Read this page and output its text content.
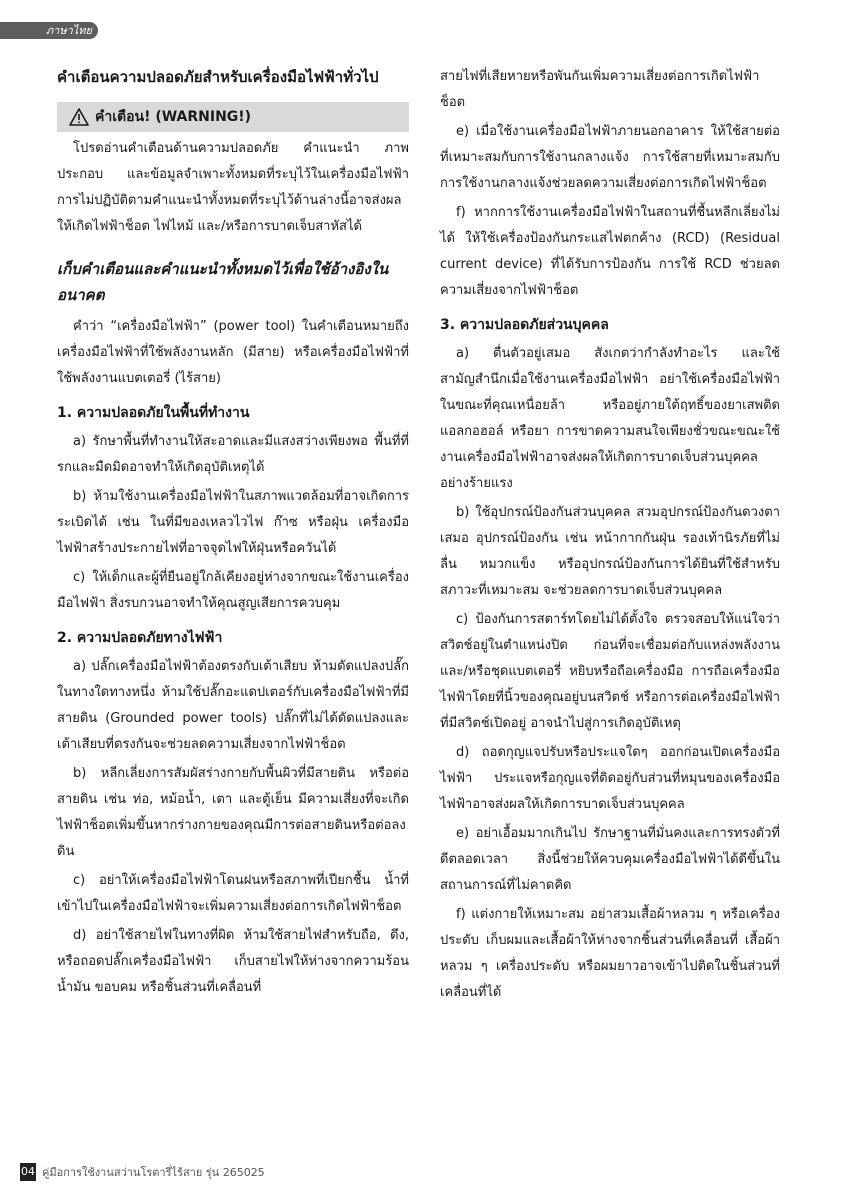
ภาษาไทย
คำเตือนความปลอดภัยสำหรับเครื่องมือไฟฟ้าทั่วไป
คำเตือน! (WARNING!)

โปรดอ่านคำเตือนด้านความปลอดภัย คำแนะนำ ภาพประกอบ และข้อมูลจำเพาะทั้งหมดที่ระบุไว้ในเครื่องมือไฟฟ้า การไม่ปฏิบัติตามคำแนะนำทั้งหมดที่ระบุไว้ด้านล่างนี้อาจส่งผลให้เกิดไฟฟ้าช็อต ไฟไหม้ และ/หรือการบาดเจ็บสาหัสได้

เก็บคำเตือนและคำแนะนำทั้งหมดไว้เพื่อใช้อ้างอิงในอนาคต

คำว่า “เครื่องมือไฟฟ้า” (power tool) ในคำเตือนหมายถึงเครื่องมือไฟฟ้าที่ใช้พลังงานหลัก (มีสาย) หรือเครื่องมือไฟฟ้าที่ใช้พลังงานแบตเตอรี่ (ไร้สาย)

1. ความปลอดภัยในพื้นที่ทำงาน

a) รักษาพื้นที่ทำงานให้สะอาดและมีแสงสว่างเพียงพอ พื้นที่ที่รกและมืดมิดอาจทำให้เกิดอุบัติเหตุได้

b) ห้ามใช้งานเครื่องมือไฟฟ้าในสภาพแวดล้อมที่อาจเกิดการระเบิดได้ เช่น ในที่มีของเหลวไวไฟ ก๊าซ หรือฝุ่น เครื่องมือไฟฟ้าสร้างประกายไฟที่อาจจุดไฟให้ฝุ่นหรือควันได้

c) ให้เด็กและผู้ที่ยืนอยู่ใกล้เคียงอยู่ห่างจากขณะใช้งานเครื่องมือไฟฟ้า สิ่งรบกวนอาจทำให้คุณสูญเสียการควบคุม

2. ความปลอดภัยทางไฟฟ้า

a) ปลั๊กเครื่องมือไฟฟ้าต้องตรงกับเต้าเสียบ ห้ามดัดแปลงปลั๊กในทางใดทางหนึ่ง ห้ามใช้ปลั๊กอะแดปเตอร์กับเครื่องมือไฟฟ้าที่มีสายดิน (Grounded power tools) ปลั๊กที่ไม่ได้ดัดแปลงและเต้าเสียบที่ตรงกันจะช่วยลดความเสี่ยงจากไฟฟ้าช็อต

b) หลีกเลี่ยงการสัมผัสร่างกายกับพื้นผิวที่มีสายดิน หรือต่อสายดิน เช่น ท่อ, หม้อน้ำ, เตา และตู้เย็น มีความเสี่ยงที่จะเกิดไฟฟ้าช็อตเพิ่มขึ้นหากร่างกายของคุณมีการต่อสายดินหรือต่อลงดิน

c) อย่าให้เครื่องมือไฟฟ้าโดนฝนหรือสภาพที่เปียกชื้น น้ำที่เข้าไปในเครื่องมือไฟฟ้าจะเพิ่มความเสี่ยงต่อการเกิดไฟฟ้าช็อต

d) อย่าใช้สายไฟในทางที่ผิด ห้ามใช้สายไฟสำหรับถือ, ดึง, หรือถอดปลั๊กเครื่องมือไฟฟ้า เก็บสายไฟให้ห่างจากความร้อน น้ำมัน ขอบคม หรือชิ้นส่วนที่เคลื่อนที่

สายไฟที่เสียหายหรือพันกันเพิ่มความเสี่ยงต่อการเกิดไฟฟ้าช็อต

e) เมื่อใช้งานเครื่องมือไฟฟ้าภายนอกอาคาร ให้ใช้สายต่อที่เหมาะสมกับการใช้งานกลางแจ้ง การใช้สายที่เหมาะสมกับการใช้งานกลางแจ้งช่วยลดความเสี่ยงต่อการเกิดไฟฟ้าช็อต

f) หากการใช้งานเครื่องมือไฟฟ้าในสถานที่ชื้นหลีกเลี่ยงไม่ได้ ให้ใช้เครื่องป้องกันกระแสไฟตกค้าง (RCD) (Residual current device) ที่ได้รับการป้องกัน การใช้ RCD ช่วยลดความเสี่ยงจากไฟฟ้าช็อต

3. ความปลอดภัยส่วนบุคคล

a) ตื่นตัวอยู่เสมอ สังเกตว่ากำลังทำอะไร และใช้สามัญสำนึกเมื่อใช้งานเครื่องมือไฟฟ้า อย่าใช้เครื่องมือไฟฟ้าในขณะที่คุณเหนื่อยล้า หรืออยู่ภายใต้ฤทธิ์ของยาเสพติด แอลกอฮอล์ หรือยา การขาดความสนใจเพียงชั่วขณะขณะใช้งานเครื่องมือไฟฟ้าอาจส่งผลให้เกิดการบาดเจ็บส่วนบุคคลอย่างร้ายแรง

b) ใช้อุปกรณ์ป้องกันส่วนบุคคล สวมอุปกรณ์ป้องกันดวงตาเสมอ อุปกรณ์ป้องกัน เช่น หน้ากากกันฝุ่น รองเท้านิรภัยที่ไม่ลื่น หมวกแข็ง หรืออุปกรณ์ป้องกันการได้ยินที่ใช้สำหรับสภาวะที่เหมาะสม จะช่วยลดการบาดเจ็บส่วนบุคคล

c) ป้องกันการสตาร์ทโดยไม่ได้ตั้งใจ ตรวจสอบให้แน่ใจว่าสวิตช์อยู่ในตำแหน่งปิด ก่อนที่จะเชื่อมต่อกับแหล่งพลังงานและ/หรือชุดแบตเตอรี่ หยิบหรือถือเครื่องมือ การถือเครื่องมือไฟฟ้าโดยที่นิ้วของคุณอยู่บนสวิตช์ หรือการต่อเครื่องมือไฟฟ้าที่มีสวิตช์เปิดอยู่ อาจนำไปสู่การเกิดอุบัติเหตุ

d) ถอดกุญแจปรับหรือประแจใดๆ ออกก่อนเปิดเครื่องมือไฟฟ้า ประแจหรือกุญแจที่ติดอยู่กับส่วนที่หมุนของเครื่องมือไฟฟ้าอาจส่งผลให้เกิดการบาดเจ็บส่วนบุคคล

e) อย่าเอื้อมมากเกินไป รักษาฐานที่มั่นคงและการทรงตัวที่ดีตลอดเวลา สิ่งนี้ช่วยให้ควบคุมเครื่องมือไฟฟ้าได้ดีขึ้นในสถานการณ์ที่ไม่คาดคิด

f) แต่งกายให้เหมาะสม อย่าสวมเสื้อผ้าหลวม ๆ หรือเครื่องประดับ เก็บผมและเสื้อผ้าให้ห่างจากชิ้นส่วนที่เคลื่อนที่ เสื้อผ้าหลวม ๆ เครื่องประดับ หรือผมยาวอาจเข้าไปติดในชิ้นส่วนที่เคลื่อนที่ได้

04 คู่มือการใช้งานสว่านโรตารี่ไร้สาย รุ่น 265025
